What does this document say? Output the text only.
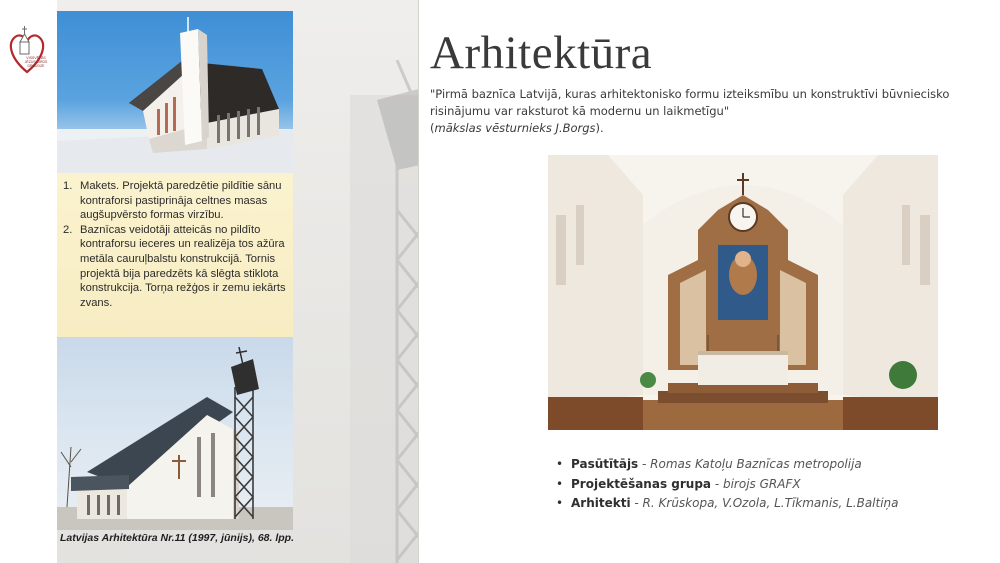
VISSVĒTĀS JĒZUS SIRDS DRAUDZE
1. Makets. Projektā paredzētie pildītie sānu kontraforsi pastiprināja celtnes masas augšupvērsto formas virzību.
2. Baznīcas veidotāji atteicās no pildīto kontraforsu ieceres un realizēja tos ažūra metāla cauruļbalstu konstrukcijā. Tornis projektā bija paredzēts kā slēgta stiklota konstrukcija. Torņa režģos ir zemu iekārts zvans.
Latvijas Arhitektūra Nr.11 (1997, jūnijs), 68. lpp.
Arhitektūra
"Pirmā baznīca Latvijā, kuras arhitektonisko formu izteiksmību un konstruktīvi būvniecisko risinājumu var raksturot kā modernu un laikmetīgu"
(mākslas vēsturnieks J.Borgs).
• Pasūtītājs - Romas Katoļu Baznīcas metropolija
• Projektēšanas grupa - birojs GRAFX
• Arhitekti - R. Krūskopa, V.Ozola, L.Tīkmanis, L.Baltiņa
